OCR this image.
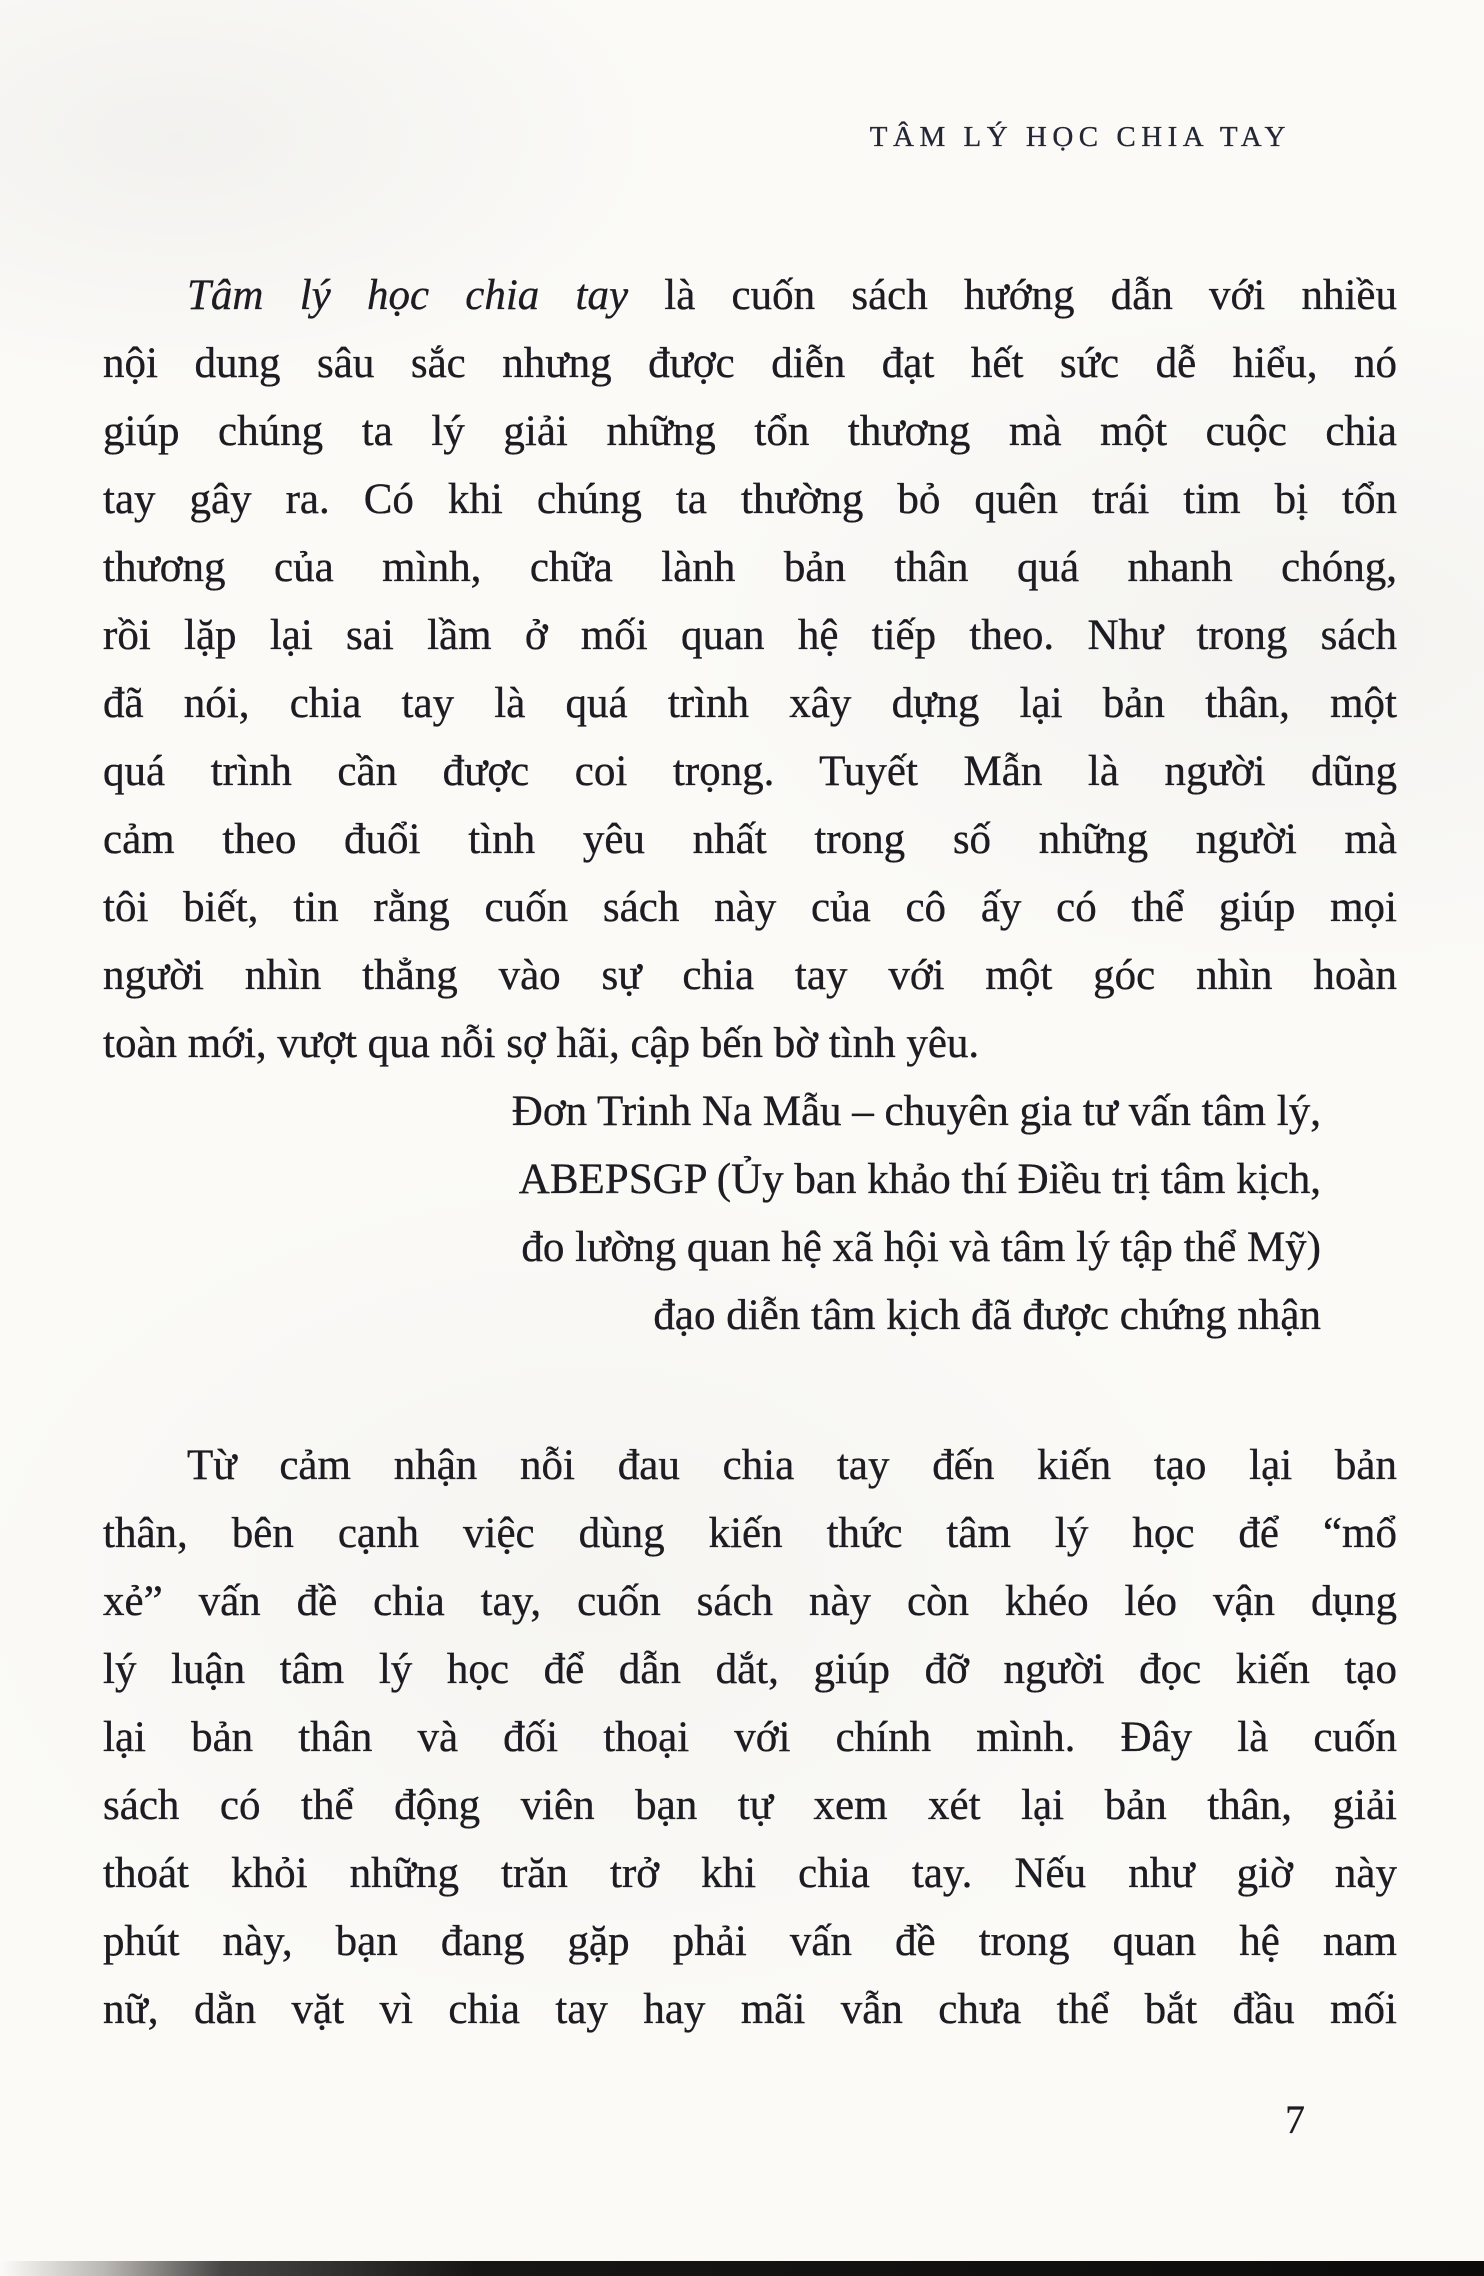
TÂM LÝ HỌC CHIA TAY
Tâm lý học chia tay là cuốn sách hướng dẫn với nhiều
nội dung sâu sắc nhưng được diễn đạt hết sức dễ hiểu, nó
giúp chúng ta lý giải những tổn thương mà một cuộc chia
tay gây ra. Có khi chúng ta thường bỏ quên trái tim bị tổn
thương của mình, chữa lành bản thân quá nhanh chóng,
rồi lặp lại sai lầm ở mối quan hệ tiếp theo. Như trong sách
đã nói, chia tay là quá trình xây dựng lại bản thân, một
quá trình cần được coi trọng. Tuyết Mẫn là người dũng
cảm theo đuổi tình yêu nhất trong số những người mà
tôi biết, tin rằng cuốn sách này của cô ấy có thể giúp mọi
người nhìn thẳng vào sự chia tay với một góc nhìn hoàn
toàn mới, vượt qua nỗi sợ hãi, cập bến bờ tình yêu.
Đơn Trinh Na Mẫu – chuyên gia tư vấn tâm lý,
ABEPSGP (Ủy ban khảo thí Điều trị tâm kịch,
đo lường quan hệ xã hội và tâm lý tập thể Mỹ)
đạo diễn tâm kịch đã được chứng nhận
Từ cảm nhận nỗi đau chia tay đến kiến tạo lại bản
thân, bên cạnh việc dùng kiến thức tâm lý học để “mổ
xẻ” vấn đề chia tay, cuốn sách này còn khéo léo vận dụng
lý luận tâm lý học để dẫn dắt, giúp đỡ người đọc kiến tạo
lại bản thân và đối thoại với chính mình. Đây là cuốn
sách có thể động viên bạn tự xem xét lại bản thân, giải
thoát khỏi những trăn trở khi chia tay. Nếu như giờ này
phút này, bạn đang gặp phải vấn đề trong quan hệ nam
nữ, dằn vặt vì chia tay hay mãi vẫn chưa thể bắt đầu mối
7
